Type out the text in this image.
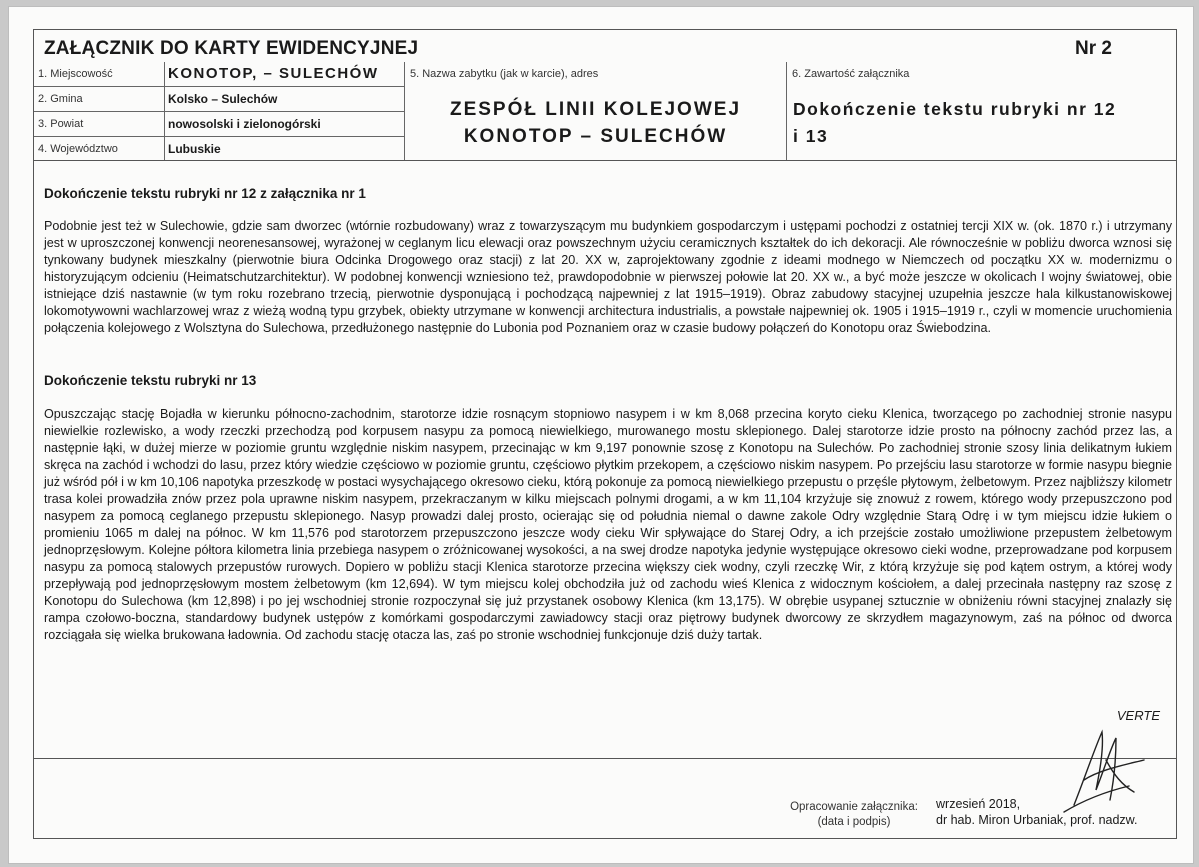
ZAŁĄCZNIK DO KARTY EWIDENCYJNEJ	Nr 2
1. Miejscowość	KONOTOP, – SULECHÓW
2. Gmina	Kolsko – Sulechów
3. Powiat	nowosolski i zielonogórski
4. Województwo	Lubuskie
5. Nazwa zabytku (jak w karcie), adres
ZESPÓŁ LINII KOLEJOWEJ
KONOTOP – SULECHÓW
6. Zawartość załącznika
Dokończenie tekstu rubryki nr 12
i 13
Dokończenie tekstu rubryki nr 12 z załącznika nr 1
Podobnie jest też w Sulechowie, gdzie sam dworzec (wtórnie rozbudowany) wraz z towarzyszącym mu budynkiem gospodarczym i ustępami pochodzi z ostatniej tercji XIX w. (ok. 1870 r.) i utrzymany jest w uproszczonej konwencji neorenesansowej, wyrażonej w ceglanym licu elewacji oraz powszechnym użyciu ceramicznych kształtek do ich dekoracji. Ale równocześnie w pobliżu dworca wznosi się tynkowany budynek mieszkalny (pierwotnie biura Odcinka Drogowego oraz stacji) z lat 20. XX w, zaprojektowany zgodnie z ideami modnego w Niemczech od początku XX w. modernizmu o historyzującym odcieniu (Heimatschutzarchitektur). W podobnej konwencji wzniesiono też, prawdopodobnie w pierwszej połowie lat 20. XX w., a być może jeszcze w okolicach I wojny światowej, obie istniejące dziś nastawnie (w tym roku rozebrano trzecią, pierwotnie dysponującą i pochodzącą najpewniej z lat 1915–1919). Obraz zabudowy stacyjnej uzupełnia jeszcze hala kilkustanowiskowej lokomotywowni wachlarzowej wraz z wieżą wodną typu grzybek, obiekty utrzymane w konwencji architectura industrialis, a powstałe najpewniej ok. 1905 i 1915–1919 r., czyli w momencie uruchomienia połączenia kolejowego z Wolsztyna do Sulechowa, przedłużonego następnie do Lubonia pod Poznaniem oraz w czasie budowy połączeń do Konotopu oraz Świebodzina.
Dokończenie tekstu rubryki nr 13
Opuszczając stację Bojadła w kierunku północno-zachodnim, starotorze idzie rosnącym stopniowo nasypem i w km 8,068 przecina koryto cieku Klenica, tworzącego po zachodniej stronie nasypu niewielkie rozlewisko, a wody rzeczki przechodzą pod korpusem nasypu za pomocą niewielkiego, murowanego mostu sklepionego. Dalej starotorze idzie prosto na północny zachód przez las, a następnie łąki, w dużej mierze w poziomie gruntu względnie niskim nasypem, przecinając w km 9,197 ponownie szosę z Konotopu na Sulechów. Po zachodniej stronie szosy linia delikatnym łukiem skręca na zachód i wchodzi do lasu, przez który wiedzie częściowo w poziomie gruntu, częściowo płytkim przekopem, a częściowo niskim nasypem. Po przejściu lasu starotorze w formie nasypu biegnie już wśród pół i w km 10,106 napotyka przeszkodę w postaci wysychającego okresowo cieku, którą pokonuje za pomocą niewielkiego przepustu o przęśle płytowym, żelbetowym. Przez najbliższy kilometr trasa kolei prowadziła znów przez pola uprawne niskim nasypem, przekraczanym w kilku miejscach polnymi drogami, a w km 11,104 krzyżuje się znowuż z rowem, którego wody przepuszczono pod nasypem za pomocą ceglanego przepustu sklepionego. Nasyp prowadzi dalej prosto, ocierając się od południa niemal o dawne zakole Odry względnie Starą Odrę i w tym miejscu idzie łukiem o promieniu 1065 m dalej na północ. W km 11,576 pod starotorzem przepuszczono jeszcze wody cieku Wir spływające do Starej Odry, a ich przejście zostało umożliwione przepustem żelbetowym jednoprzęsłowym. Kolejne półtora kilometra linia przebiega nasypem o zróżnicowanej wysokości, a na swej drodze napotyka jedynie występujące okresowo cieki wodne, przeprowadzane pod korpusem nasypu za pomocą stalowych przepustów rurowych. Dopiero w pobliżu stacji Klenica starotorze przecina większy ciek wodny, czyli rzeczkę Wir, z którą krzyżuje się pod kątem ostrym, a której wody przepływają pod jednoprzęsłowym mostem żelbetowym (km 12,694). W tym miejscu kolej obchodziła już od zachodu wieś Klenica z widocznym kościołem, a dalej przecinała następny raz szosę z Konotopu do Sulechowa (km 12,898) i po jej wschodniej stronie rozpoczynał się już przystanek osobowy Klenica (km 13,175). W obrębie usypanej sztucznie w obniżeniu równi stacyjnej znalazły się rampa czołowo-boczna, standardowy budynek ustępów z komórkami gospodarczymi zawiadowcy stacji oraz piętrowy budynek dworcowy ze skrzydłem magazynowym, zaś na północ od dworca rozciągała się wielka brukowana ładownia. Od zachodu stację otacza las, zaś po stronie wschodniej funkcjonuje dziś duży tartak.
VERTE
Opracowanie załącznika:
(data i podpis)
wrzesień 2018,
dr hab. Miron Urbaniak, prof. nadzw.
